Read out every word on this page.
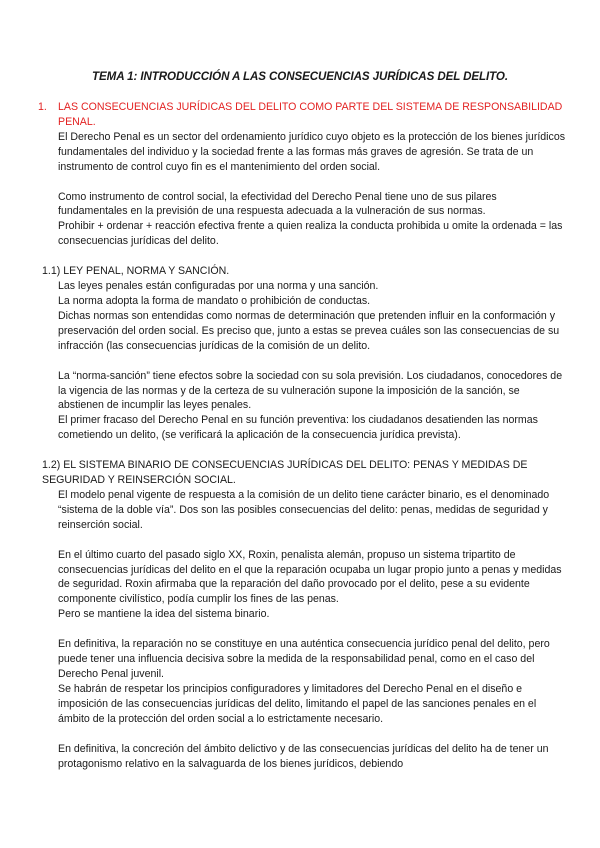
TEMA 1: INTRODUCCIÓN A LAS CONSECUENCIAS JURÍDICAS DEL DELITO.
1. LAS CONSECUENCIAS JURÍDICAS DEL DELITO COMO PARTE DEL SISTEMA DE RESPONSABILIDAD PENAL.

El Derecho Penal es un sector del ordenamiento jurídico cuyo objeto es la protección de los bienes jurídicos fundamentales del individuo y la sociedad frente a las formas más graves de agresión. Se trata de un instrumento de control cuyo fin es el mantenimiento del orden social.

Como instrumento de control social, la efectividad del Derecho Penal tiene uno de sus pilares fundamentales en la previsión de una respuesta adecuada a la vulneración de sus normas.

Prohibir + ordenar + reacción efectiva frente a quien realiza la conducta prohibida u omite la ordenada = las consecuencias jurídicas del delito.

1.1) LEY PENAL, NORMA Y SANCIÓN.

Las leyes penales están configuradas por una norma y una sanción.

La norma adopta la forma de mandato o prohibición de conductas.

Dichas normas son entendidas como normas de determinación que pretenden influir en la conformación y preservación del orden social. Es preciso que, junto a estas se prevea cuáles son las consecuencias de su infracción (las consecuencias jurídicas de la comisión de un delito.

La “norma-sanción” tiene efectos sobre la sociedad con su sola previsión. Los ciudadanos, conocedores de la vigencia de las normas y de la certeza de su vulneración supone la imposición de la sanción, se abstienen de incumplir las leyes penales.

El primer fracaso del Derecho Penal en su función preventiva: los ciudadanos desatienden las normas cometiendo un delito, (se verificará la aplicación de la consecuencia jurídica prevista).

1.2) EL SISTEMA BINARIO DE CONSECUENCIAS JURÍDICAS DEL DELITO: PENAS Y MEDIDAS DE SEGURIDAD Y REINSERCIÓN SOCIAL.

El modelo penal vigente de respuesta a la comisión de un delito tiene carácter binario, es el denominado “sistema de la doble vía”. Dos son las posibles consecuencias del delito: penas, medidas de seguridad y reinserción social.

En el último cuarto del pasado siglo XX, Roxin, penalista alemán, propuso un sistema tripartito de consecuencias jurídicas del delito en el que la reparación ocupaba un lugar propio junto a penas y medidas de seguridad. Roxin afirmaba que la reparación del daño provocado por el delito, pese a su evidente componente civilístico, podía cumplir los fines de las penas.

Pero se mantiene la idea del sistema binario.

En definitiva, la reparación no se constituye en una auténtica consecuencia jurídico penal del delito, pero puede tener una influencia decisiva sobre la medida de la responsabilidad penal, como en el caso del Derecho Penal juvenil.

Se habrán de respetar los principios configuradores y limitadores del Derecho Penal en el diseño e imposición de las consecuencias jurídicas del delito, limitando el papel de las sanciones penales en el ámbito de la protección del orden social a lo estrictamente necesario.

En definitiva, la concreción del ámbito delictivo y de las consecuencias jurídicas del delito ha de tener un protagonismo relativo en la salvaguarda de los bienes jurídicos, debiendo
